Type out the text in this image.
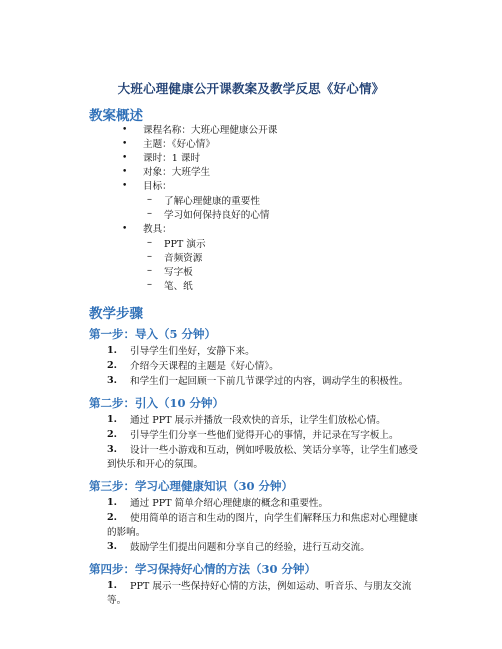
大班心理健康公开课教案及教学反思《好心情》
教案概述
• 课程名称：大班心理健康公开课
• 主题：《好心情》
• 课时：1 课时
• 对象：大班学生
• 目标：
– 了解心理健康的重要性
– 学习如何保持良好的心情
• 教具：
– PPT 演示
– 音频资源
– 写字板
– 笔、纸
教学步骤
第一步：导入（5 分钟）
1. 引导学生们坐好，安静下来。
2. 介绍今天课程的主题是《好心情》。
3. 和学生们一起回顾一下前几节课学过的内容，调动学生的积极性。
第二步：引入（10 分钟）
1. 通过 PPT 展示并播放一段欢快的音乐，让学生们放松心情。
2. 引导学生们分享一些他们觉得开心的事情，并记录在写字板上。
3. 设计一些小游戏和互动，例如呼吸放松、笑话分享等，让学生们感受
到快乐和开心的氛围。
第三步：学习心理健康知识（30 分钟）
1. 通过 PPT 简单介绍心理健康的概念和重要性。
2. 使用简单的语言和生动的图片，向学生们解释压力和焦虑对心理健康
的影响。
3. 鼓励学生们提出问题和分享自己的经验，进行互动交流。
第四步：学习保持好心情的方法（30 分钟）
1. PPT 展示一些保持好心情的方法，例如运动、听音乐、与朋友交流
等。
